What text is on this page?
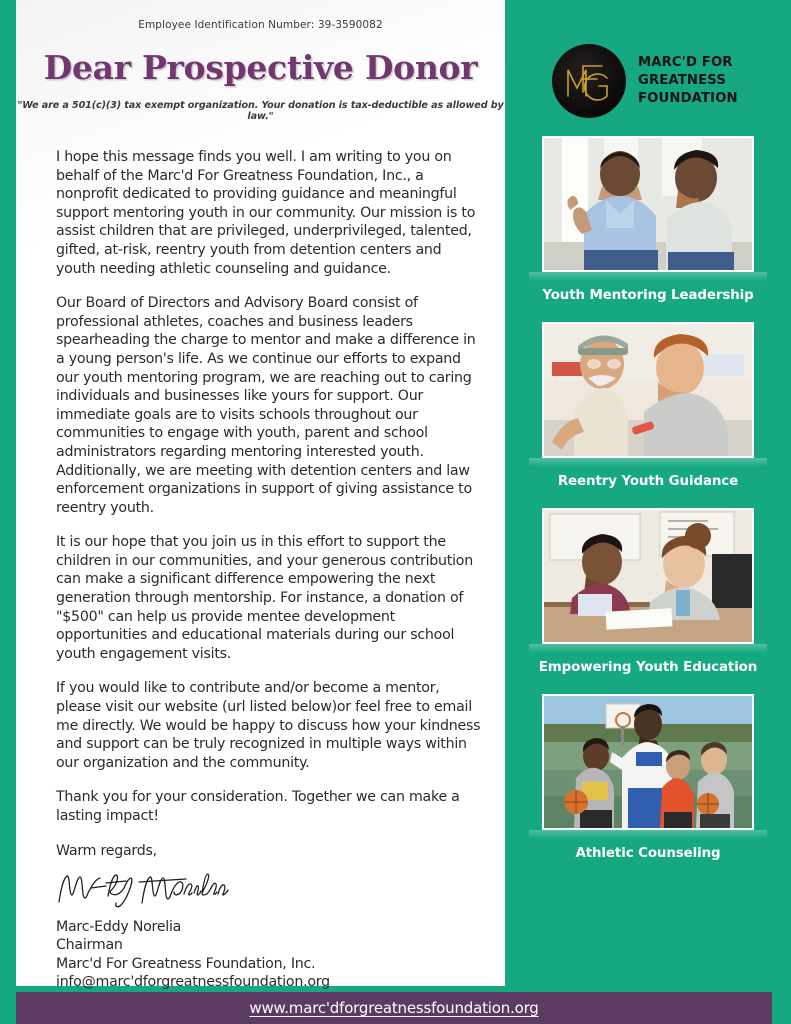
Employee Identification Number: 39-3590082
Dear Prospective Donor
"We are a 501(c)(3) tax exempt organization. Your donation is tax-deductible as allowed by law."

I hope this message finds you well. I am writing to you on behalf of the Marc'd For Greatness Foundation, Inc., a nonprofit dedicated to providing guidance and meaningful support mentoring youth in our community. Our mission is to assist children that are privileged, underprivileged, talented, gifted, at-risk, reentry youth from detention centers and youth needing athletic counseling and guidance.

Our Board of Directors and Advisory Board consist of professional athletes, coaches and business leaders spearheading the charge to mentor and make a difference in a young person's life. As we continue our efforts to expand our youth mentoring program, we are reaching out to caring individuals and businesses like yours for support. Our immediate goals are to visits schools throughout our communities to engage with youth, parent and school administrators regarding mentoring interested youth. Additionally, we are meeting with detention centers and law enforcement organizations in support of giving assistance to reentry youth.

It is our hope that you join us in this effort to support the children in our communities, and your generous contribution can make a significant difference empowering the next generation through mentorship. For instance, a donation of "$500" can help us provide mentee development opportunities and educational materials during our school youth engagement visits.

If you would like to contribute and/or become a mentor, please visit our website (url listed below)or feel free to email me directly. We would be happy to discuss how your kindness and support can be truly recognized in multiple ways within our organization and the community.

Thank you for your consideration. Together we can make a lasting impact!

Warm regards,
Marc-Eddy Norelia
Chairman
Marc'd For Greatness Foundation, Inc.
info@marc'dforgreatnessfoundation.org
MARC'D FOR
GREATNESS
FOUNDATION
Youth Mentoring Leadership
Reentry Youth Guidance
Empowering Youth Education
Athletic Counseling
www.marc'dforgreatnessfoundation.org
